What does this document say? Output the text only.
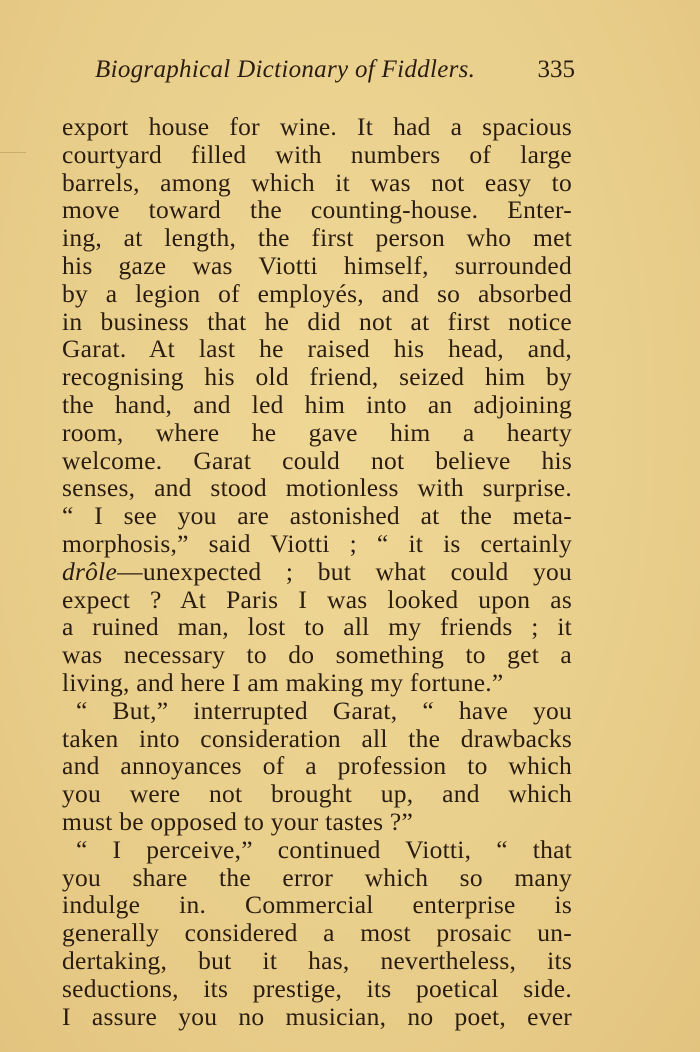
Biographical Dictionary of Fiddlers. 335
export house for wine. It had a spacious
courtyard filled with numbers of large
barrels, among which it was not easy to
move toward the counting-house. Enter-
ing, at length, the first person who met
his gaze was Viotti himself, surrounded
by a legion of employés, and so absorbed
in business that he did not at first notice
Garat. At last he raised his head, and,
recognising his old friend, seized him by
the hand, and led him into an adjoining
room, where he gave him a hearty
welcome. Garat could not believe his
senses, and stood motionless with surprise.
“ I see you are astonished at the meta-
morphosis,” said Viotti ; “ it is certainly
drôle—unexpected ; but what could you
expect ? At Paris I was looked upon as
a ruined man, lost to all my friends ; it
was necessary to do something to get a
living, and here I am making my fortune.”
“ But,” interrupted Garat, “ have you
taken into consideration all the drawbacks
and annoyances of a profession to which
you were not brought up, and which
must be opposed to your tastes ?”
“ I perceive,” continued Viotti, “ that
you share the error which so many
indulge in. Commercial enterprise is
generally considered a most prosaic un-
dertaking, but it has, nevertheless, its
seductions, its prestige, its poetical side.
I assure you no musician, no poet, ever
